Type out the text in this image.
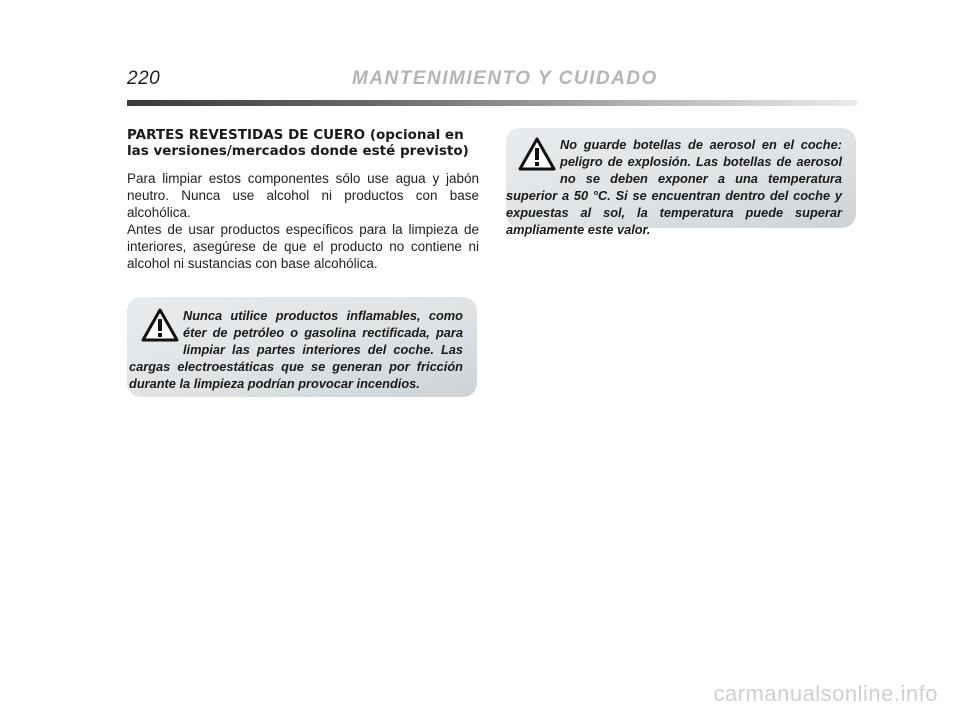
220	MANTENIMIENTO Y CUIDADO
PARTES REVESTIDAS DE CUERO (opcional en las versiones/mercados donde esté previsto)

Para limpiar estos componentes sólo use agua y jabón neutro. Nunca use alcohol ni productos con base alcohólica.

Antes de usar productos específicos para la limpieza de interiores, asegúrese de que el producto no contiene ni alcohol ni sustancias con base alcohólica.

Nunca utilice productos inflamables, como éter de petróleo o gasolina rectificada, para limpiar las partes interiores del coche. Las cargas electroestáticas que se generan por fricción durante la limpieza podrían provocar incendios.

No guarde botellas de aerosol en el coche: peligro de explosión. Las botellas de aerosol no se deben exponer a una temperatura superior a 50 °C. Si se encuentran dentro del coche y expuestas al sol, la temperatura puede superar ampliamente este valor.

carmanualsonline.info
